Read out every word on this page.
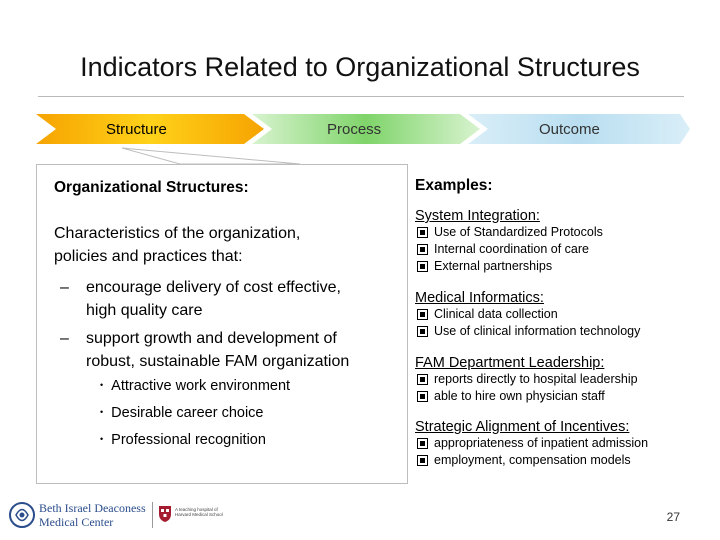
Indicators Related to Organizational Structures
Structure	Process	Outcome
Organizational Structures:
Characteristics of the organization,
policies and practices that:
– encourage delivery of cost effective,
high quality care
– support growth and development of
robust, sustainable FAM organization
• Attractive work environment
• Desirable career choice
• Professional recognition
Examples:
System Integration:
Use of Standardized Protocols
Internal coordination of care
External partnerships
Medical Informatics:
Clinical data collection
Use of clinical information technology
FAM Department Leadership:
reports directly to hospital leadership
able to hire own physician staff
Strategic Alignment of Incentives:
appropriateness of inpatient admission
employment, compensation models
Beth Israel Deaconess
Medical Center
A teaching hospital of
Harvard Medical School	27
